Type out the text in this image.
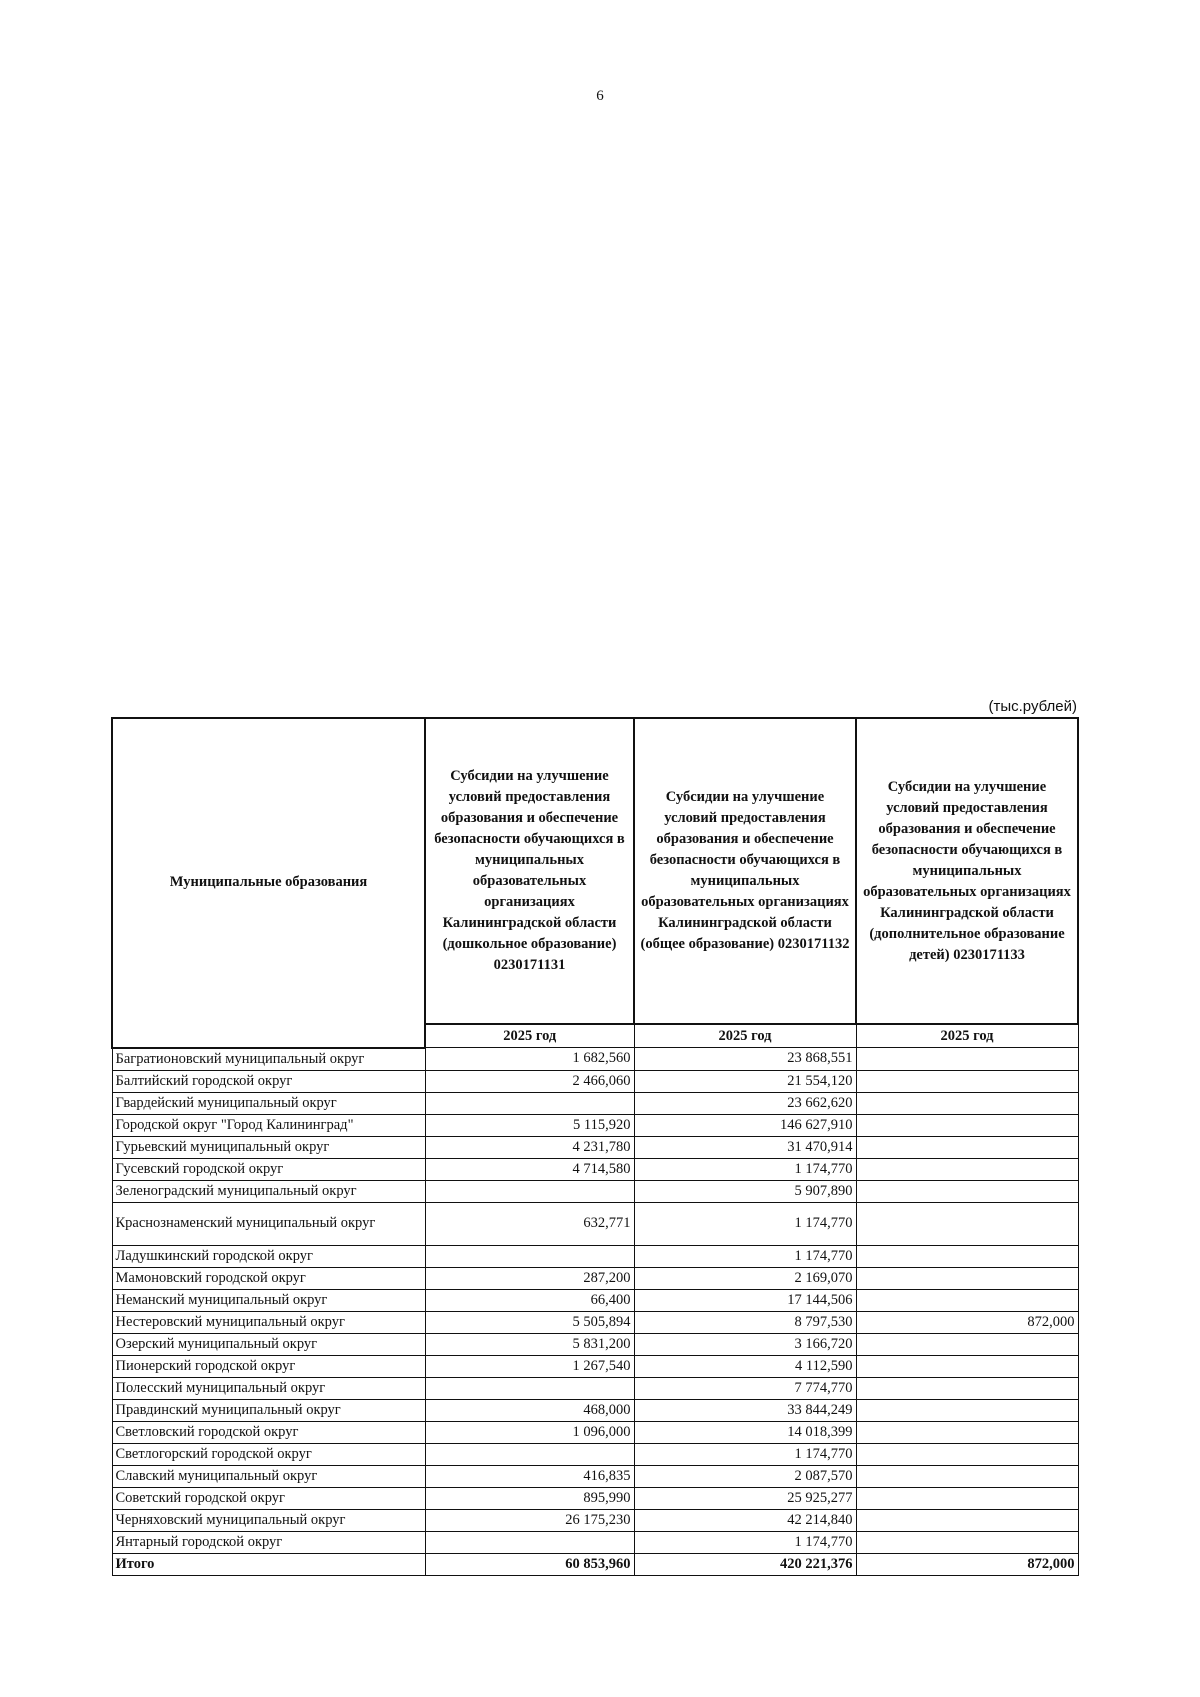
6
(тыс.рублей)
Муниципальные образования	Субсидии на улучшение условий предоставления образования и обеспечение безопасности обучающихся в муниципальных образовательных организациях Калининградской области (дошкольное образование) 0230171131	Субсидии на улучшение условий предоставления образования и обеспечение безопасности обучающихся в муниципальных образовательных организациях Калининградской области (общее образование) 0230171132	Субсидии на улучшение условий предоставления образования и обеспечение безопасности обучающихся в муниципальных образовательных организациях Калининградской области (дополнительное образование детей) 0230171133
	2025 год	2025 год	2025 год
Багратионовский муниципальный округ	1 682,560	23 868,551	
Балтийский городской округ	2 466,060	21 554,120	
Гвардейский муниципальный округ		23 662,620	
Городской округ "Город Калининград"	5 115,920	146 627,910	
Гурьевский муниципальный округ	4 231,780	31 470,914	
Гусевский городской округ	4 714,580	1 174,770	
Зеленоградский муниципальный округ		5 907,890	
Краснознаменский муниципальный округ	632,771	1 174,770	
Ладушкинский городской округ		1 174,770	
Мамоновский городской округ	287,200	2 169,070	
Неманский муниципальный округ	66,400	17 144,506	
Нестеровский муниципальный округ	5 505,894	8 797,530	872,000
Озерский муниципальный округ	5 831,200	3 166,720	
Пионерский городской округ	1 267,540	4 112,590	
Полесский муниципальный округ		7 774,770	
Правдинский муниципальный округ	468,000	33 844,249	
Светловский городской округ	1 096,000	14 018,399	
Светлогорский городской округ		1 174,770	
Славский муниципальный округ	416,835	2 087,570	
Советский городской округ	895,990	25 925,277	
Черняховский муниципальный округ	26 175,230	42 214,840	
Янтарный городской округ		1 174,770	
Итого	60 853,960	420 221,376	872,000
